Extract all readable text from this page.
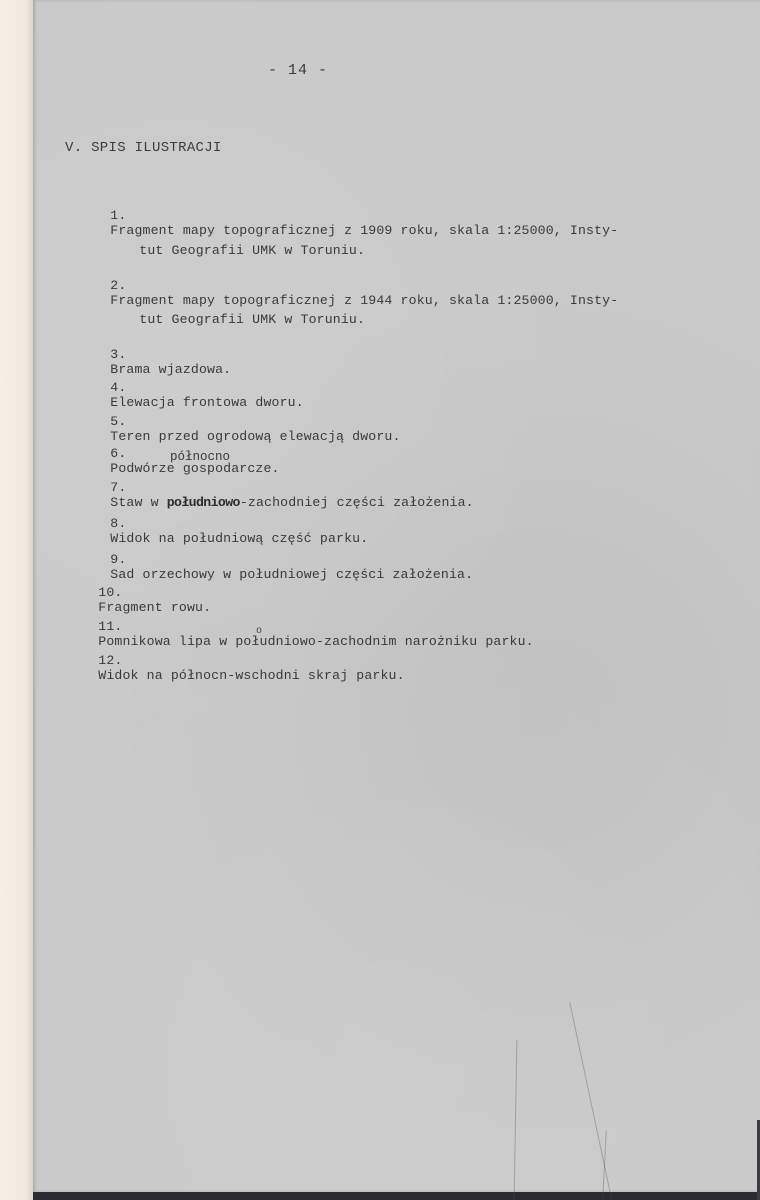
- 14 -
V. SPIS ILUSTRACJI

1.
Fragment mapy topograficznej z 1909 roku, skala 1:25000, Insty-

tut Geografii UMK w Toruniu.

2.
Fragment mapy topograficznej z 1944 roku, skala 1:25000, Insty-

tut Geografii UMK w Toruniu.

3.
Brama wjazdowa.

4.
Elewacja frontowa dworu.

5.
Teren przed ogrodową elewacją dworu.

6.
Podwórze gospodarcze.

północno

7.
Staw w południowo-zachodniej części założenia.

8.
Widok na południową część parku.

9.
Sad orzechowy w południowej części założenia.

10.
Fragment rowu.

11.
Pomnikowa lipa w południowo-zachodnim narożniku parku.

o

12.
Widok na północn-wschodni skraj parku.
